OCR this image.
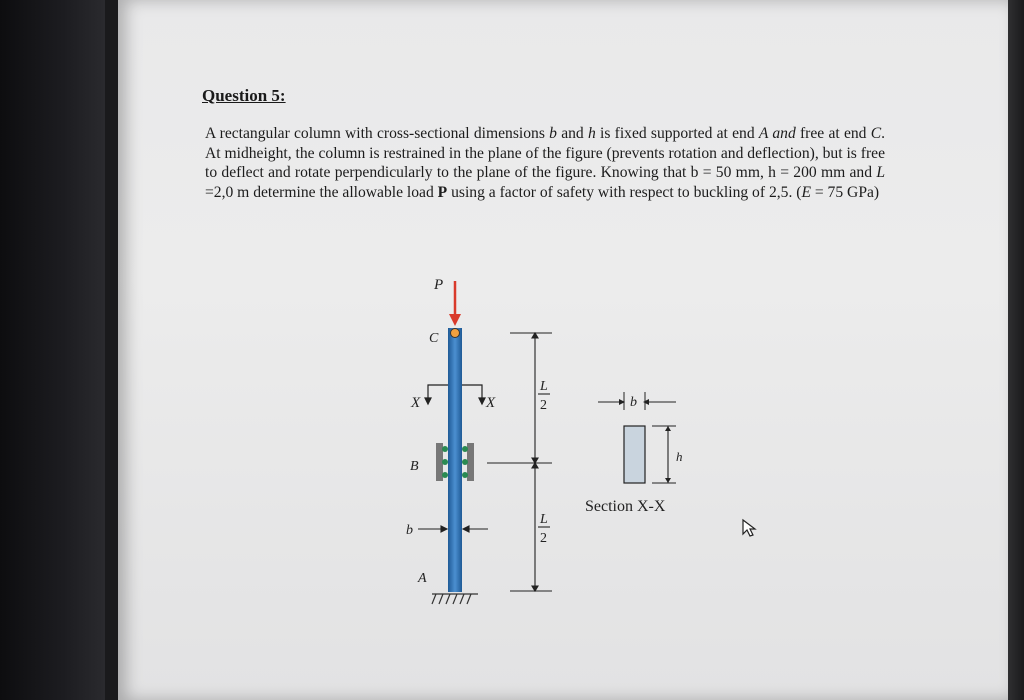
Question 5:
A rectangular column with cross-sectional dimensions b and h is fixed supported at end A and free at end C. At midheight, the column is restrained in the plane of the figure (prevents rotation and deflection), but is free to deflect and rotate perpendicularly to the plane of the figure. Knowing that b = 50 mm, h = 200 mm and L =2,0 m determine the allowable load P using a factor of safety with respect to buckling of 2,5. (E = 75 GPa)
P
C
A
X	X
B
b
L
2
L
2
b
h
Section X-X
